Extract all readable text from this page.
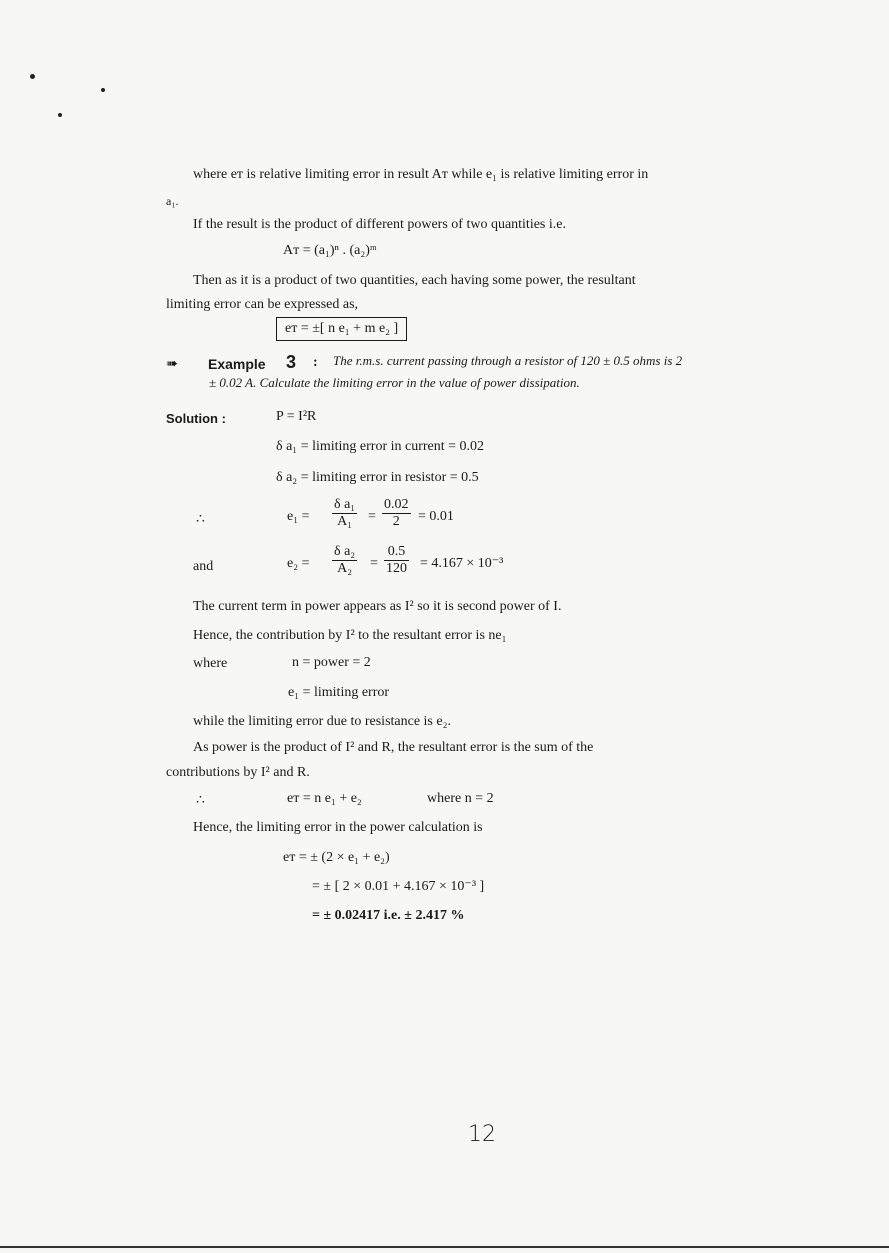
where eᴛ is relative limiting error in result Aᴛ while e₁ is relative limiting error in
a₁.
If the result is the product of different powers of two quantities i.e.
Aᴛ = (a₁)ⁿ . (a₂)ᵐ
Then as it is a product of two quantities, each having some power, the resultant
limiting error can be expressed as,
eᴛ = ±[ n e₁ + m e₂ ]
➠ Example 3 : The r.m.s. current passing through a resistor of 120 ± 0.5 ohms is 2
± 0.02 A. Calculate the limiting error in the value of power dissipation.
Solution :	P = I²R
δ a₁ = limiting error in current = 0.02
δ a₂ = limiting error in resistor = 0.5
∴	$e_1 = \frac{\text{δ a₁}}{\text{A₁}} = \frac{0.02}{2} = 0.01$
and	$e_2 = \frac{\text{δ a₂}}{\text{A₂}} = \frac{0.5}{120} = 4.167 \times 10^{-3}$
The current term in power appears as I² so it is second power of I.
Hence, the contribution by I² to the resultant error is ne₁
where	n = power = 2
e₁ = limiting error
while the limiting error due to resistance is e₂.
As power is the product of I² and R, the resultant error is the sum of the
contributions by I² and R.
∴	eᴛ = n e₁ + e₂	where n = 2
Hence, the limiting error in the power calculation is
eᴛ = ± (2 × e₁ + e₂)
= ± [ 2 × 0.01 + 4.167 × 10⁻³ ]
= ± 0.02417 i.e. ± 2.417 %
12
